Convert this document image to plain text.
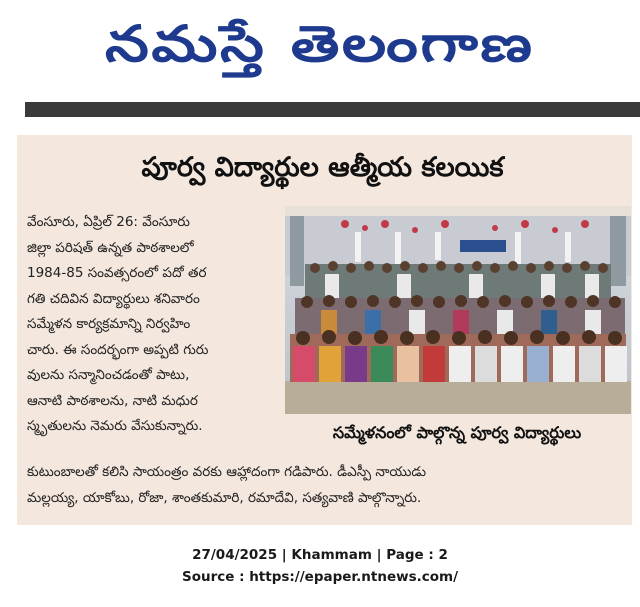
నమస్తే తెలంగాణ
పూర్వ విద్యార్థుల ఆత్మీయ కలయిక
వేంసూరు, ఏప్రిల్ 26: వేంసూరు
జిల్లా పరిషత్ ఉన్నత పాఠశాలలో
1984-85 సంవత్సరంలో పదో తర
గతి చదివిన విద్యార్థులు శనివారం
సమ్మేళన కార్యక్రమాన్ని నిర్వహిం
చారు. ఈ సందర్భంగా అప్పటి గురు
వులను సన్మానించడంతో పాటు,
ఆనాటి పాఠశాలను, నాటి మధుర
స్మృతులను నెమరు వేసుకున్నారు.	సమ్మేళనంలో పాల్గొన్న పూర్వ విద్యార్థులు
కుటుంబాలతో కలిసి సాయంత్రం వరకు ఆహ్లాదంగా గడిపారు. డీఎస్పీ నాయుడు
మల్లయ్య, యాకోబు, రోజా, శాంతకుమారి, రమాదేవి, సత్యవాణి పాల్గొన్నారు.
27/04/2025 | Khammam | Page : 2
Source : https://epaper.ntnews.com/
